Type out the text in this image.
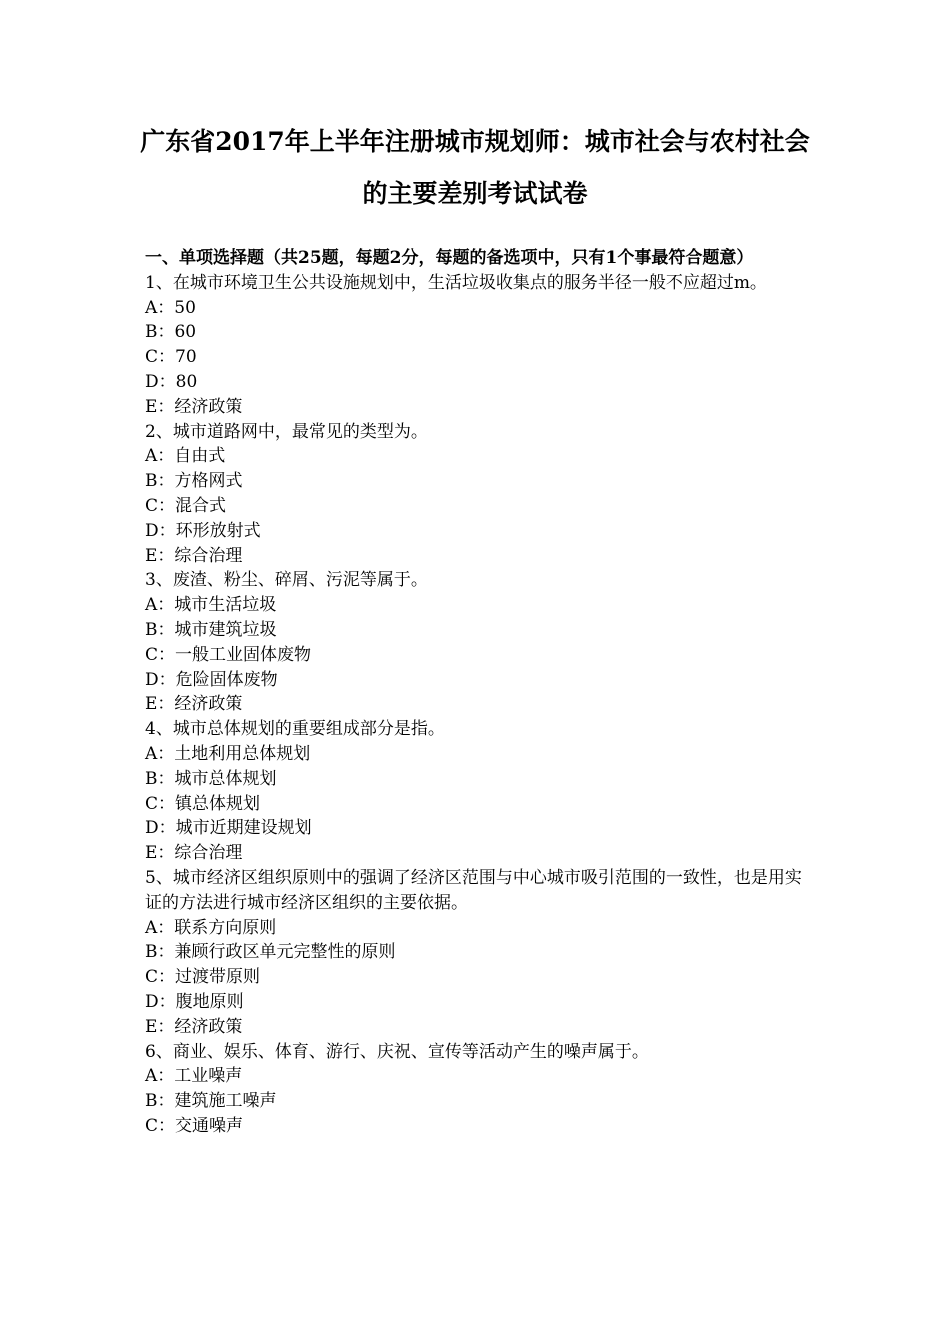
广东省2017年上半年注册城市规划师：城市社会与农村社会的主要差别考试试卷
一、单项选择题（共25题，每题2分，每题的备选项中，只有1个事最符合题意）
1、在城市环境卫生公共设施规划中，生活垃圾收集点的服务半径一般不应超过m。
A：50
B：60
C：70
D：80
E：经济政策
2、城市道路网中，最常见的类型为。
A：自由式
B：方格网式
C：混合式
D：环形放射式
E：综合治理
3、废渣、粉尘、碎屑、污泥等属于。
A：城市生活垃圾
B：城市建筑垃圾
C：一般工业固体废物
D：危险固体废物
E：经济政策
4、城市总体规划的重要组成部分是指。
A：土地利用总体规划
B：城市总体规划
C：镇总体规划
D：城市近期建设规划
E：综合治理
5、城市经济区组织原则中的强调了经济区范围与中心城市吸引范围的一致性，也是用实证的方法进行城市经济区组织的主要依据。
A：联系方向原则
B：兼顾行政区单元完整性的原则
C：过渡带原则
D：腹地原则
E：经济政策
6、商业、娱乐、体育、游行、庆祝、宣传等活动产生的噪声属于。
A：工业噪声
B：建筑施工噪声
C：交通噪声
